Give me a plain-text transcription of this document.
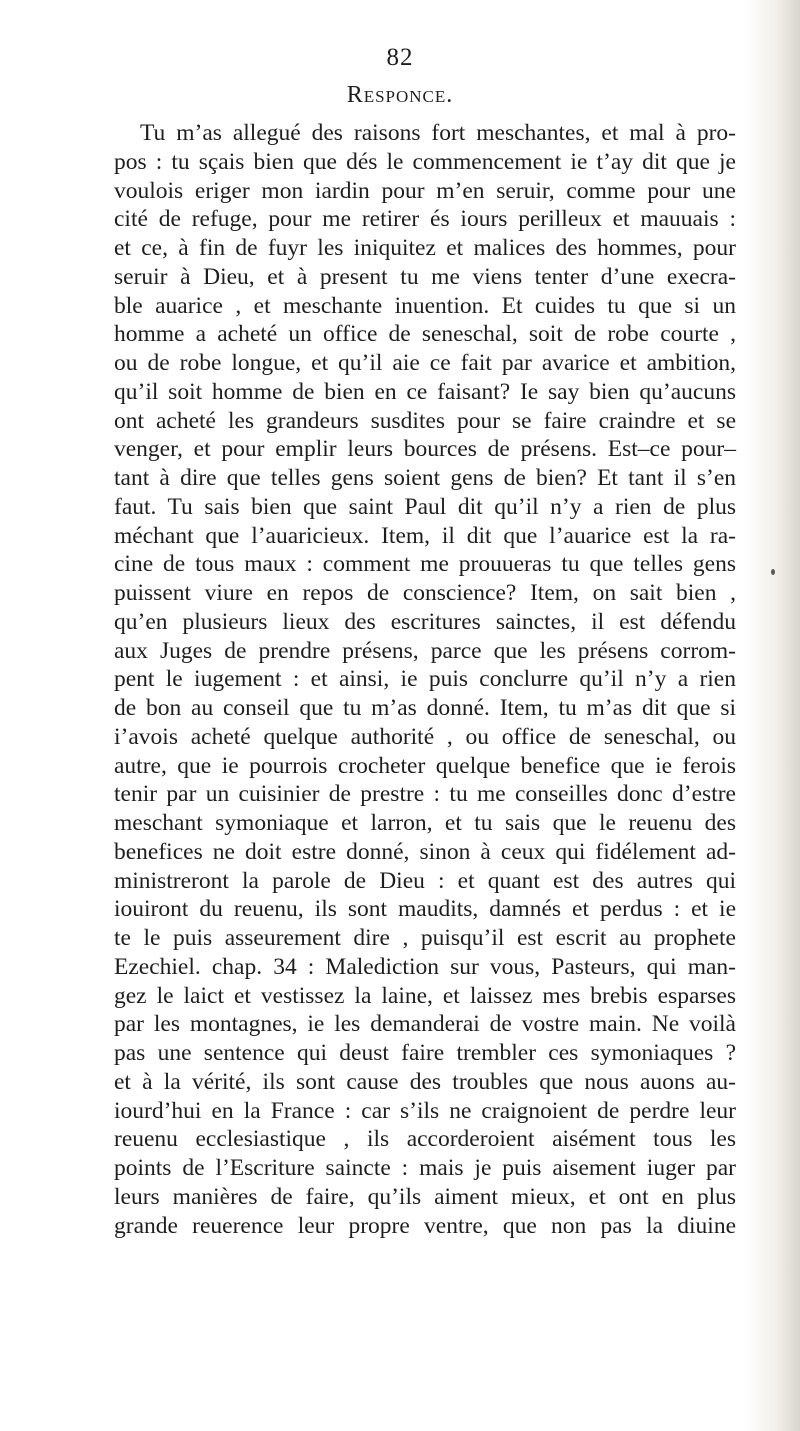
82
Responce.
Tu m’as allegué des raisons fort meschantes, et mal à pro-
pos : tu sçais bien que dés le commencement ie t’ay dit que je
voulois eriger mon iardin pour m’en seruir, comme pour une
cité de refuge, pour me retirer és iours perilleux et mauuais :
et ce, à fin de fuyr les iniquitez et malices des hommes, pour
seruir à Dieu, et à present tu me viens tenter d’une execra-
ble auarice , et meschante inuention. Et cuides tu que si un
homme a acheté un office de seneschal, soit de robe courte ,
ou de robe longue, et qu’il aie ce fait par avarice et ambition,
qu’il soit homme de bien en ce faisant? Ie say bien qu’aucuns
ont acheté les grandeurs susdites pour se faire craindre et se
venger, et pour emplir leurs bources de présens. Est–ce pour–
tant à dire que telles gens soient gens de bien? Et tant il s’en
faut. Tu sais bien que saint Paul dit qu’il n’y a rien de plus
méchant que l’auaricieux. Item, il dit que l’auarice est la ra-
cine de tous maux : comment me prouueras tu que telles gens
puissent viure en repos de conscience? Item, on sait bien ,
qu’en plusieurs lieux des escritures sainctes, il est défendu
aux Juges de prendre présens, parce que les présens corrom-
pent le iugement : et ainsi, ie puis conclurre qu’il n’y a rien
de bon au conseil que tu m’as donné. Item, tu m’as dit que si
i’avois acheté quelque authorité , ou office de seneschal, ou
autre, que ie pourrois crocheter quelque benefice que ie ferois
tenir par un cuisinier de prestre : tu me conseilles donc d’estre
meschant symoniaque et larron, et tu sais que le reuenu des
benefices ne doit estre donné, sinon à ceux qui fidélement ad-
ministreront la parole de Dieu : et quant est des autres qui
iouiront du reuenu, ils sont maudits, damnés et perdus : et ie
te le puis asseurement dire , puisqu’il est escrit au prophete
Ezechiel. chap. 34 : Malediction sur vous, Pasteurs, qui man-
gez le laict et vestissez la laine, et laissez mes brebis esparses
par les montagnes, ie les demanderai de vostre main. Ne voilà
pas une sentence qui deust faire trembler ces symoniaques ?
et à la vérité, ils sont cause des troubles que nous auons au-
iourd’hui en la France : car s’ils ne craignoient de perdre leur
reuenu ecclesiastique , ils accorderoient aisément tous les
points de l’Escriture saincte : mais je puis aisement iuger par
leurs manières de faire, qu’ils aiment mieux, et ont en plus
grande reuerence leur propre ventre, que non pas la diuine
